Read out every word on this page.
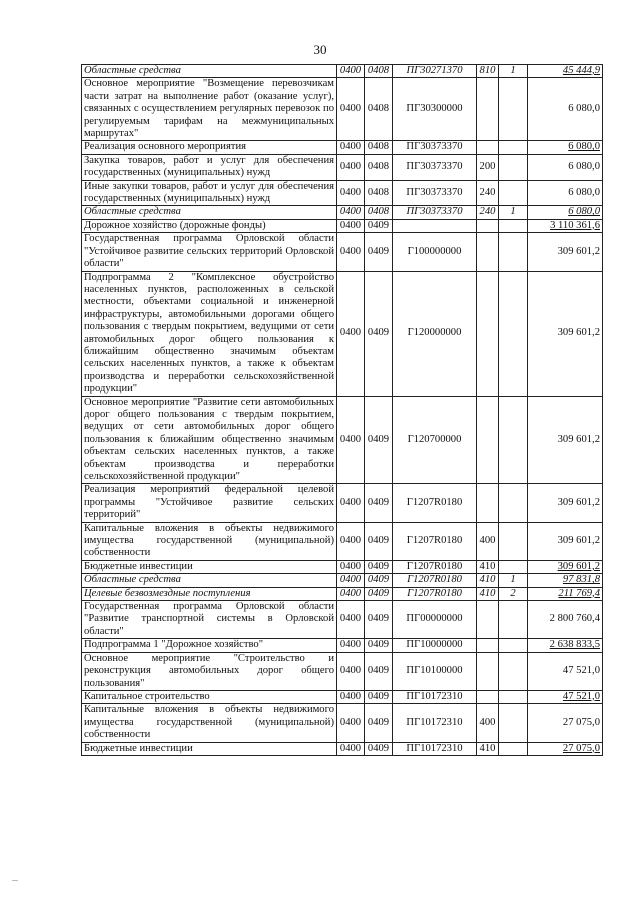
30
Областные средства	0400	0408	ПГ30271370	810	1	45 444,9
Основное мероприятие "Возмещение перевозчикам части затрат на выполнение работ (оказание услуг), связанных с осуществлением регулярных перевозок по регулируемым тарифам на межмуниципальных маршрутах"	0400	0408	ПГ30300000			6 080,0
Реализация основного мероприятия	0400	0408	ПГ30373370			6 080,0
Закупка товаров, работ и услуг для обеспечения государственных (муниципальных) нужд	0400	0408	ПГ30373370	200		6 080,0
Иные закупки товаров, работ и услуг для обеспечения государственных (муниципальных) нужд	0400	0408	ПГ30373370	240		6 080,0
Областные средства	0400	0408	ПГ30373370	240	1	6 080,0
Дорожное хозяйство (дорожные фонды)	0400	0409				3 110 361,6
Государственная программа Орловской области "Устойчивое развитие сельских территорий Орловской области"	0400	0409	Г100000000			309 601,2
Подпрограмма 2 "Комплексное обустройство населенных пунктов, расположенных в сельской местности, объектами социальной и инженерной инфраструктуры, автомобильными дорогами общего пользования с твердым покрытием, ведущими от сети автомобильных дорог общего пользования к ближайшим общественно значимым объектам сельских населенных пунктов, а также к объектам производства и переработки сельскохозяйственной продукции"	0400	0409	Г120000000			309 601,2
Основное мероприятие "Развитие сети автомобильных дорог общего пользования с твердым покрытием, ведущих от сети автомобильных дорог общего пользования к ближайшим общественно значимым объектам сельских населенных пунктов, а также объектам производства и переработки сельскохозяйственной продукции"	0400	0409	Г120700000			309 601,2
Реализация мероприятий федеральной целевой программы "Устойчивое развитие сельских территорий"	0400	0409	Г1207R0180			309 601,2
Капитальные вложения в объекты недвижимого имущества государственной (муниципальной) собственности	0400	0409	Г1207R0180	400		309 601,2
Бюджетные инвестиции	0400	0409	Г1207R0180	410		309 601,2
Областные средства	0400	0409	Г1207R0180	410	1	97 831,8
Целевые безвозмездные поступления	0400	0409	Г1207R0180	410	2	211 769,4
Государственная программа Орловской области "Развитие транспортной системы в Орловской области"	0400	0409	ПГ00000000			2 800 760,4
Подпрограмма 1 "Дорожное хозяйство"	0400	0409	ПГ10000000			2 638 833,5
Основное мероприятие "Строительство и реконструкция автомобильных дорог общего пользования"	0400	0409	ПГ10100000			47 521,0
Капитальное строительство	0400	0409	ПГ10172310			47 521,0
Капитальные вложения в объекты недвижимого имущества государственной (муниципальной) собственности	0400	0409	ПГ10172310	400		27 075,0
Бюджетные инвестиции	0400	0409	ПГ10172310	410		27 075,0
